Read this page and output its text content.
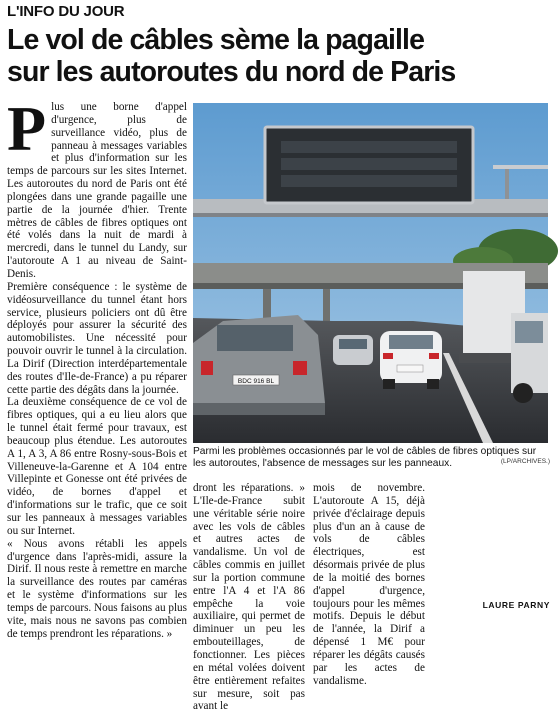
L'INFO DU JOUR
Le vol de câbles sème la pagaille
sur les autoroutes du nord de Paris
P lus une borne d'appel d'urgence, plus de surveillance vidéo, plus de panneau à messages variables et plus d'information sur les temps de parcours sur les sites Internet. Les autoroutes du nord de Paris ont été plongées dans une grande pagaille une partie de la journée d'hier. Trente mètres de câbles de fibres optiques ont été volés dans la nuit de mardi à mercredi, dans le tunnel du Landy, sur l'autoroute A 1 au niveau de Saint-Denis.

Première conséquence : le système de vidéosurveillance du tunnel étant hors service, plusieurs policiers ont dû être déployés pour assurer la sécurité des automobilistes. Une nécessité pour pouvoir ouvrir le tunnel à la circulation. La Dirif (Direction interdépartementale des routes d'Ile-de-France) a pu réparer cette partie des dégâts dans la journée.

La deuxième conséquence de ce vol de fibres optiques, qui a eu lieu alors que le tunnel était fermé pour travaux, est beaucoup plus étendue. Les autoroutes A 1, A 3, A 86 entre Rosny-sous-Bois et Villeneuve-la-Garenne et A 104 entre Villepinte et Gonesse ont été privées de vidéo, de bornes d'appel et d'informations sur le trafic, que ce soit sur les panneaux à messages variables ou sur Internet.

« Nous avons rétabli les appels d'urgence dans l'après-midi, assure la Dirif. Il nous reste à remettre en marche la surveillance des routes par caméras et le système d'informations sur les temps de parcours. Nous faisons au plus vite, mais nous ne savons pas combien de temps prendront les réparations. »

BDC 916 BL
Parmi les problèmes occasionnés par le vol de câbles de fibres optiques sur les autoroutes, l'absence de messages sur les panneaux.	(LP/ARCHIVES.)
dront les réparations. » L'Ile-de-France subit une véritable série noire avec les vols de câbles et autres actes de vandalisme. Un vol de câbles commis en juillet sur la portion commune entre l'A 4 et l'A 86 empêche la voie auxiliaire, qui permet de diminuer un peu les embouteillages, de fonctionner. Les pièces en métal volées doivent être entièrement refaites sur mesure, soit pas avant le
mois de novembre. L'autoroute A 15, déjà privée d'éclairage depuis plus d'un an à cause de vols de câbles électriques, est désormais privée de plus de la moitié des bornes d'appel d'urgence, toujours pour les mêmes motifs. Depuis le début de l'année, la Dirif a dépensé 1 M€ pour réparer les dégâts causés par les actes de vandalisme.
LAURE PARNY
